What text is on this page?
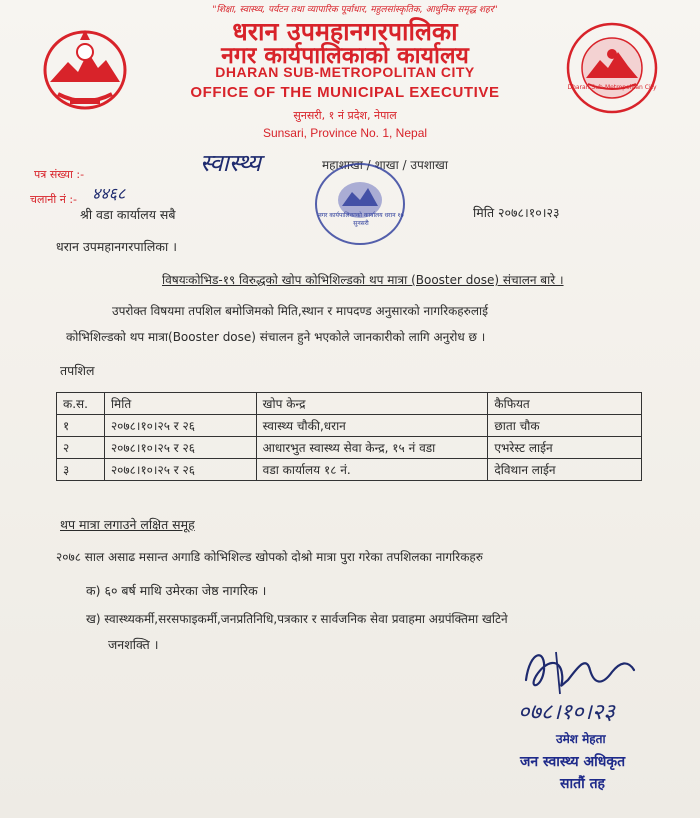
"शिक्षा, स्वास्थ्य, पर्यटन तथा व्यापारिक पूर्वाधार, महुलसांस्कृतिक, आधुनिक समृद्ध शहर"
धरान उपमहानगरपालिका
नगर कार्यपालिकाको कार्यालय
DHARAN SUB-METROPOLITAN CITY
OFFICE OF THE MUNICIPAL EXECUTIVE
सुनसरी, १ नं प्रदेश, नेपाल
Sunsari, Province No. 1, Nepal
Dharan Sub-Metropolitan City
पत्र संख्या :-	स्वास्थ्य	महाशाखा / शाखा / उपशाखा
चलानी नं :- ४४६८
नगर कार्यपालिकाको कार्यालय धरान १७ सुनसरी
मिति २०७८।१०।२३
श्री वडा कार्यालय सबै
धरान उपमहानगरपालिका ।
विषयःकोभिड-१९ विरुद्धको खोप कोभिशिल्डको थप मात्रा (Booster dose) संचालन बारे ।
उपरोक्त विषयमा तपशिल बमोजिमको मिति,स्थान र मापदण्ड अनुसारको नागरिकहरुलाई
कोभिशिल्डको थप मात्रा(Booster dose) संचालन हुने भएकोले जानकारीको लागि अनुरोध छ ।
तपशिल
क.स.	मिति	खोप केन्द्र	कैफियत
१	२०७८।१०।२५ र २६	स्वास्थ्य चौकी,धरान	छाता चौक
२	२०७८।१०।२५ र २६	आधारभुत स्वास्थ्य सेवा केन्द्र, १५ नं वडा	एभरेस्ट लाईन
३	२०७८।१०।२५ र २६	वडा कार्यालय १८ नं.	देविथान लाईन
थप मात्रा लगाउने लक्षित समूह
२०७८ साल असाढ मसान्त अगाडि कोभिशिल्ड खोपको दोश्रो मात्रा पुरा गरेका तपशिलका नागरिकहरु
क) ६० बर्ष माथि उमेरका जेष्ठ नागरिक ।
ख) स्वास्थ्यकर्मी,सरसफाइकर्मी,जनप्रतिनिधि,पत्रकार र सार्वजनिक सेवा प्रवाहमा अग्रपंक्तिमा खटिने
जनशक्ति ।
०७८।१०।२३
उमेश मेहता
जन स्वास्थ्य अधिकृत
सातौं तह
